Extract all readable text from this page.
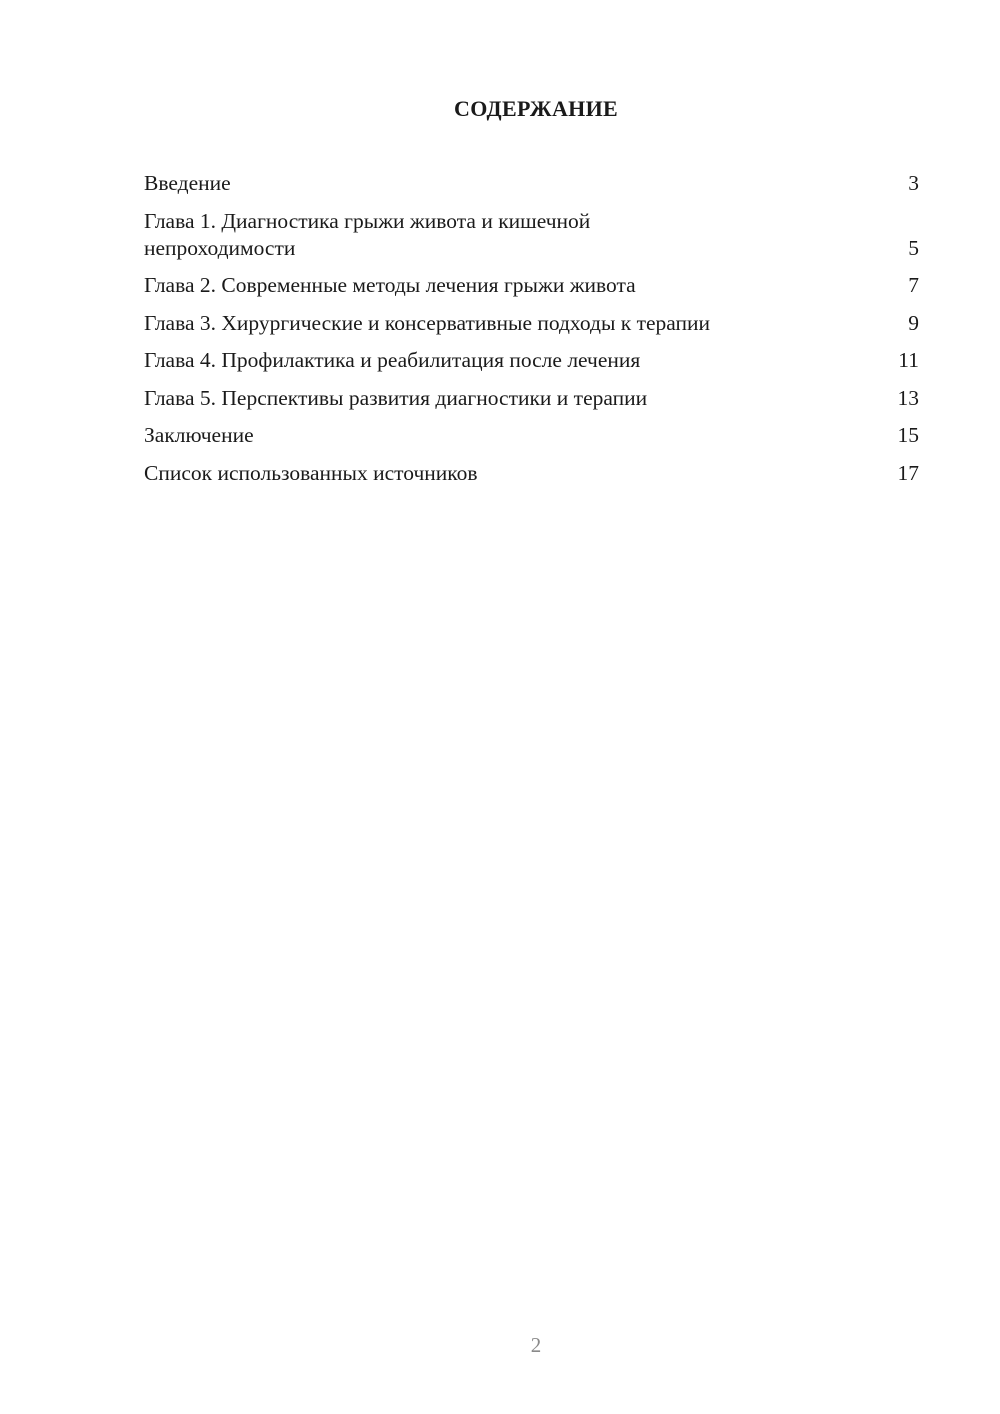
СОДЕРЖАНИЕ
Введение	3
Глава 1. Диагностика грыжи живота и кишечной
непроходимости	5
Глава 2. Современные методы лечения грыжи живота	7
Глава 3. Хирургические и консервативные подходы к терапии	9
Глава 4. Профилактика и реабилитация после лечения	11
Глава 5. Перспективы развития диагностики и терапии	13
Заключение	15
Список использованных источников	17
2
